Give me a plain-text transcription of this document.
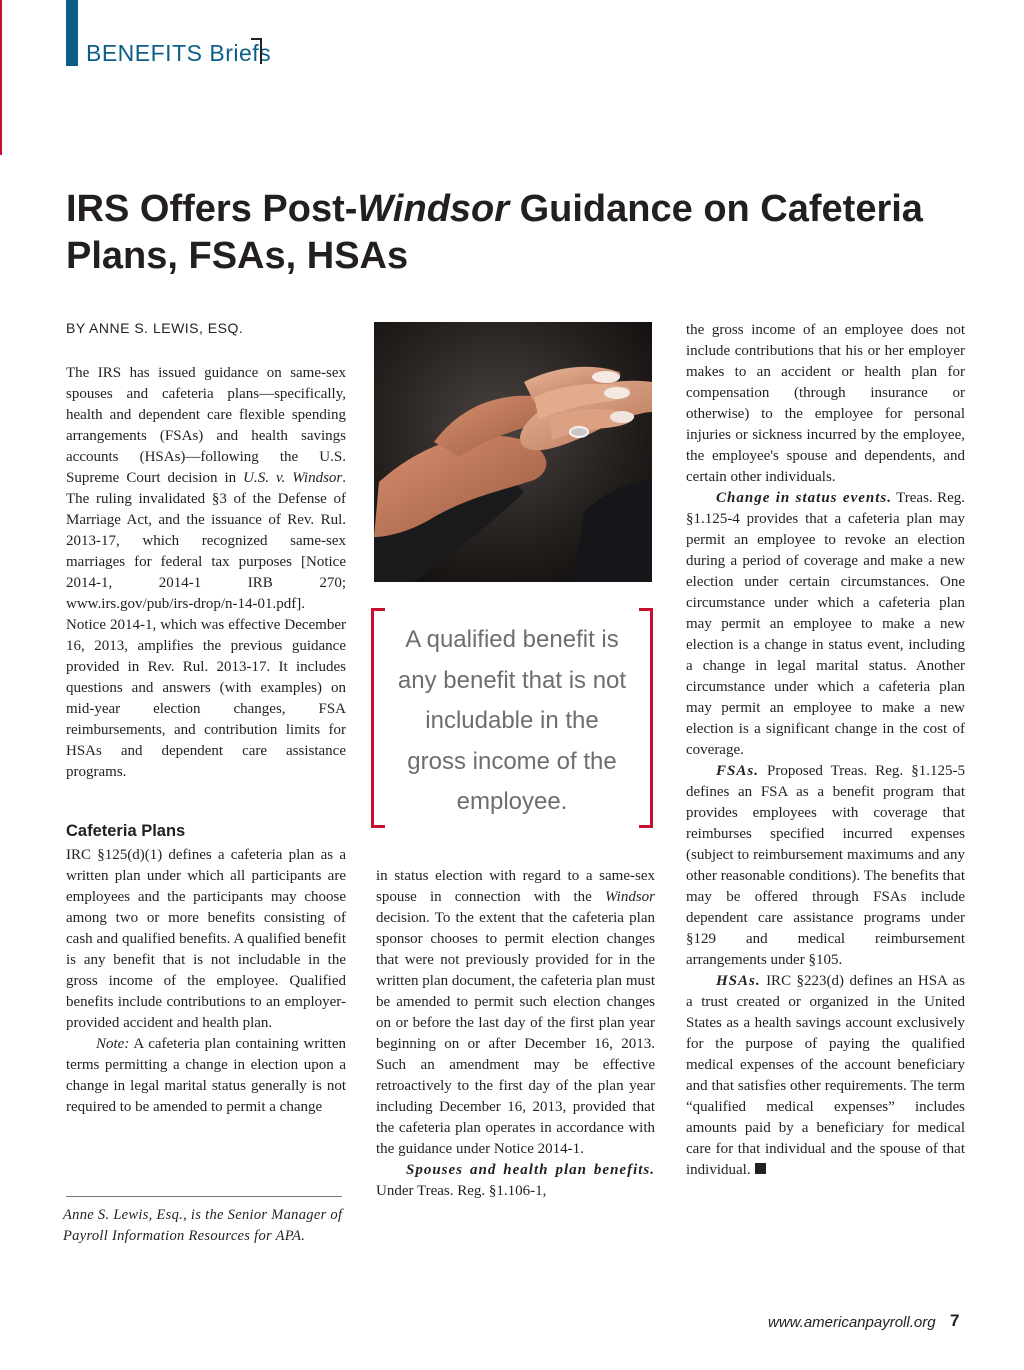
BENEFITS Briefs
IRS Offers Post-Windsor Guidance on Cafeteria Plans, FSAs, HSAs
BY ANNE S. LEWIS, ESQ.

The IRS has issued guidance on same-sex spouses and cafeteria plans—specifically, health and dependent care flexible spending arrangements (FSAs) and health savings accounts (HSAs)—following the U.S. Supreme Court decision in U.S. v. Windsor. The ruling invalidated §3 of the Defense of Marriage Act, and the issuance of Rev. Rul. 2013-17, which recognized same-sex marriages for federal tax purposes [Notice 2014-1, 2014-1 IRB 270; www.irs.gov/pub/irs-drop/n-14-01.pdf]. Notice 2014-1, which was effective December 16, 2013, amplifies the previous guidance provided in Rev. Rul. 2013-17. It includes questions and answers (with examples) on mid-year election changes, FSA reimbursements, and contribution limits for HSAs and dependent care assistance programs.

Cafeteria Plans

IRC §125(d)(1) defines a cafeteria plan as a written plan under which all participants are employees and the participants may choose among two or more benefits consisting of cash and qualified benefits. A qualified benefit is any benefit that is not includable in the gross income of the employee. Qualified benefits include contributions to an employer-provided accident and health plan.

Note: A cafeteria plan containing written terms permitting a change in election upon a change in legal marital status generally is not required to be amended to permit a change

Anne S. Lewis, Esq., is the Senior Manager of Payroll Information Resources for APA.
A qualified benefit is any benefit that is not includable in the gross income of the employee.

in status election with regard to a same-sex spouse in connection with the Windsor decision. To the extent that the cafeteria plan sponsor chooses to permit election changes that were not previously provided for in the written plan document, the cafeteria plan must be amended to permit such election changes on or before the last day of the first plan year beginning on or after December 16, 2013. Such an amendment may be effective retroactively to the first day of the plan year including December 16, 2013, provided that the cafeteria plan operates in accordance with the guidance under Notice 2014-1.

Spouses and health plan benefits. Under Treas. Reg. §1.106-1,

the gross income of an employee does not include contributions that his or her employer makes to an accident or health plan for compensation (through insurance or otherwise) to the employee for personal injuries or sickness incurred by the employee, the employee's spouse and dependents, and certain other individuals.

Change in status events. Treas. Reg. §1.125-4 provides that a cafeteria plan may permit an employee to revoke an election during a period of coverage and make a new election under certain circumstances. One circumstance under which a cafeteria plan may permit an employee to make a new election is a change in status event, including a change in legal marital status. Another circumstance under which a cafeteria plan may permit an employee to make a new election is a significant change in the cost of coverage.

FSAs. Proposed Treas. Reg. §1.125-5 defines an FSA as a benefit program that provides employees with coverage that reimburses specified incurred expenses (subject to reimbursement maximums and any other reasonable conditions). The benefits that may be offered through FSAs include dependent care assistance programs under §129 and medical reimbursement arrangements under §105.

HSAs. IRC §223(d) defines an HSA as a trust created or organized in the United States as a health savings account exclusively for the purpose of paying the qualified medical expenses of the account beneficiary and that satisfies other requirements. The term “qualified medical expenses” includes amounts paid by a beneficiary for medical care for that individual and the spouse of that individual.

www.americanpayroll.org 7
